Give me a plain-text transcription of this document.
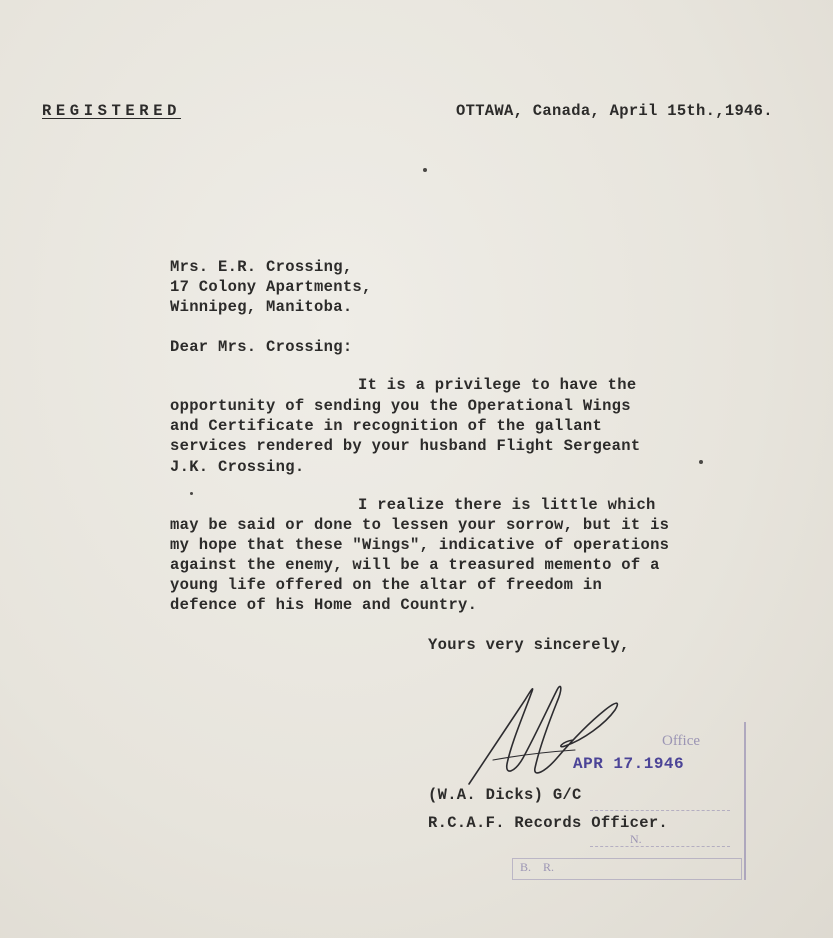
REGISTERED	OTTAWA, Canada, April 15th.,1946.
Mrs. E.R. Crossing,
17 Colony Apartments,
Winnipeg, Manitoba.
Dear Mrs. Crossing:
It is a privilege to have the
opportunity of sending you the Operational Wings
and Certificate in recognition of the gallant
services rendered by your husband Flight Sergeant
J.K. Crossing.
I realize there is little which
may be said or done to lessen your sorrow, but it is
my hope that these "Wings", indicative of operations
against the enemy, will be a treasured memento of a
young life offered on the altar of freedom in
defence of his Home and Country.
Yours very sincerely,
Office
APR 17.1946
N.
B.    R.
(W.A. Dicks) G/C
R.C.A.F. Records Officer.
